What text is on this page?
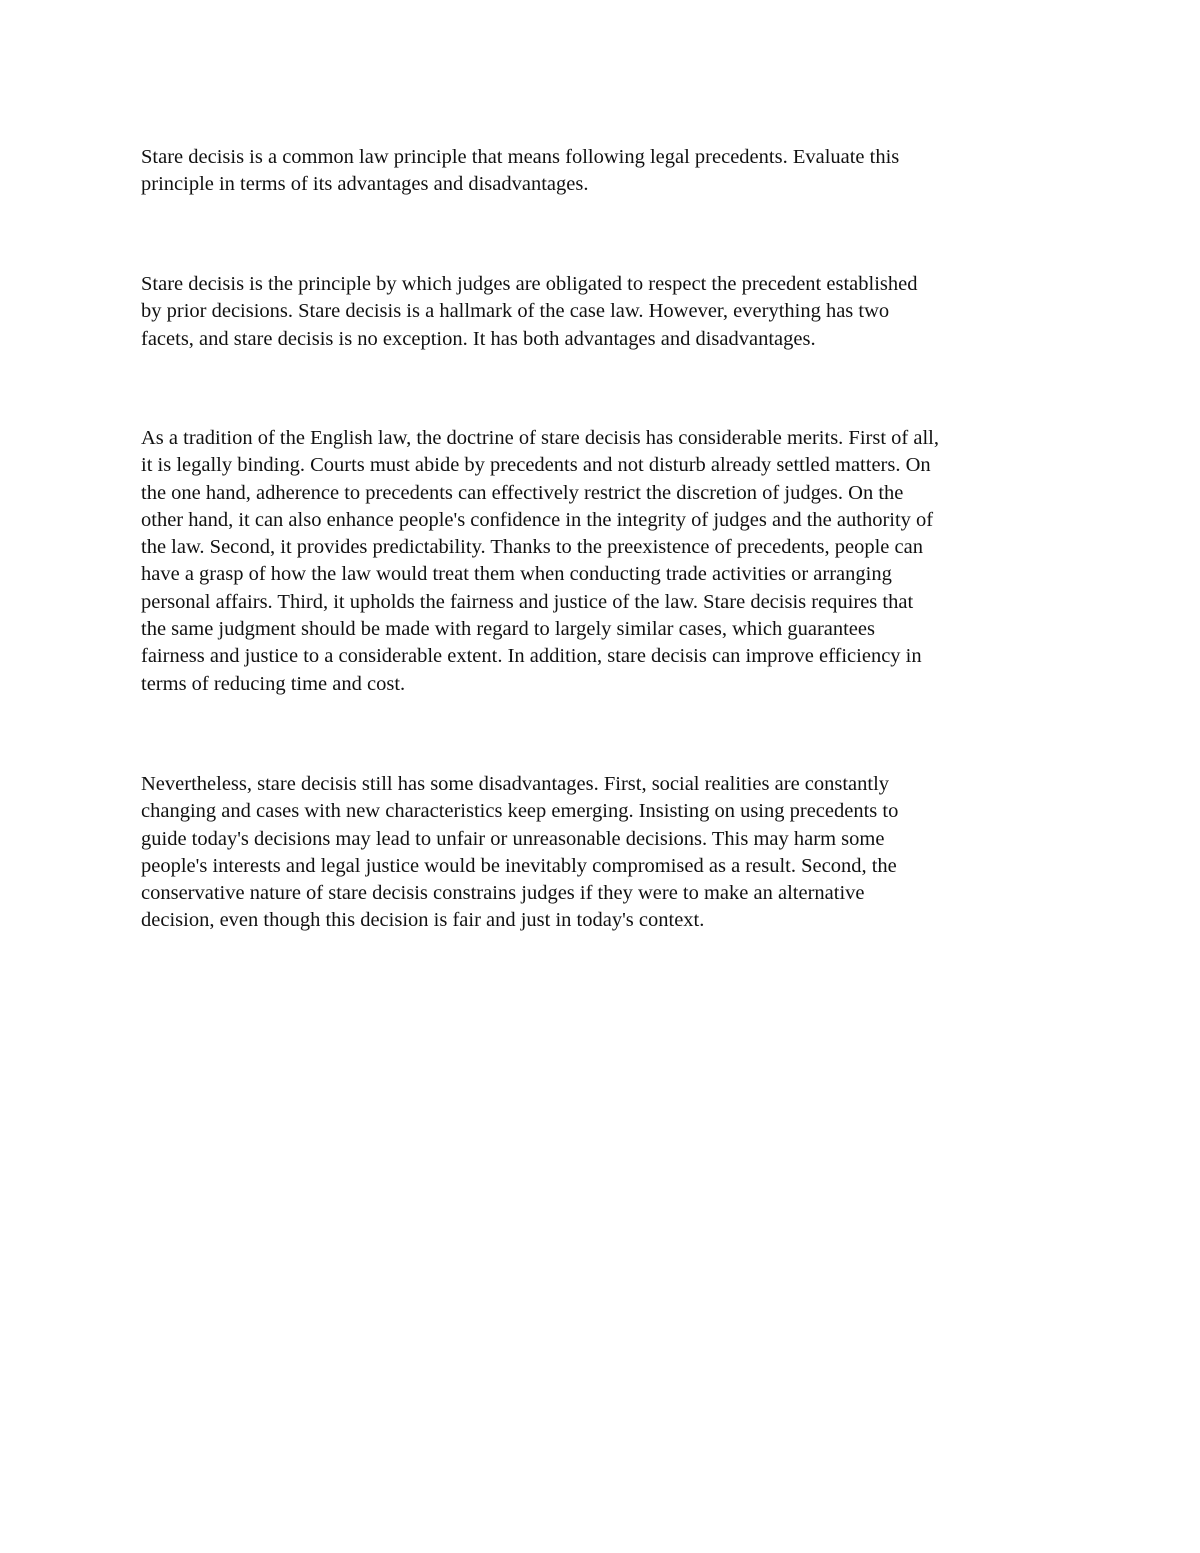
Stare decisis is a common law principle that means following legal precedents. Evaluate this
principle in terms of its advantages and disadvantages.

Stare decisis is the principle by which judges are obligated to respect the precedent established
by prior decisions. Stare decisis is a hallmark of the case law. However, everything has two
facets, and stare decisis is no exception. It has both advantages and disadvantages.

As a tradition of the English law, the doctrine of stare decisis has considerable merits. First of all,
it is legally binding. Courts must abide by precedents and not disturb already settled matters. On
the one hand, adherence to precedents can effectively restrict the discretion of judges. On the
other hand, it can also enhance people's confidence in the integrity of judges and the authority of
the law. Second, it provides predictability. Thanks to the preexistence of precedents, people can
have a grasp of how the law would treat them when conducting trade activities or arranging
personal affairs. Third, it upholds the fairness and justice of the law. Stare decisis requires that
the same judgment should be made with regard to largely similar cases, which guarantees
fairness and justice to a considerable extent. In addition, stare decisis can improve efficiency in
terms of reducing time and cost.

Nevertheless, stare decisis still has some disadvantages. First, social realities are constantly
changing and cases with new characteristics keep emerging. Insisting on using precedents to
guide today's decisions may lead to unfair or unreasonable decisions. This may harm some
people's interests and legal justice would be inevitably compromised as a result. Second, the
conservative nature of stare decisis constrains judges if they were to make an alternative
decision, even though this decision is fair and just in today's context.
